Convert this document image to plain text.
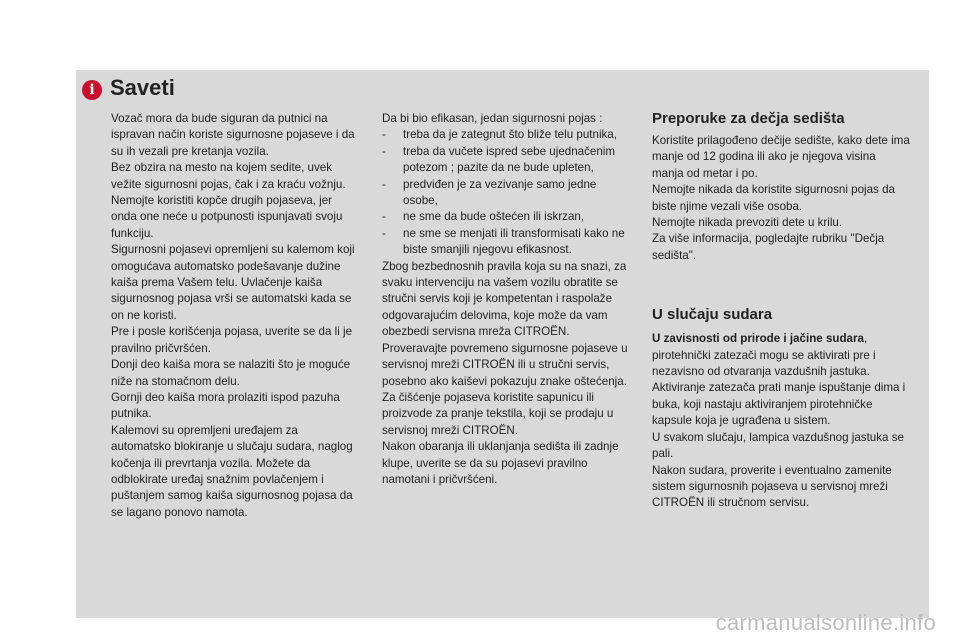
i Saveti

Vozač mora da bude siguran da putnici na ispravan način koriste sigurnosne pojaseve i da su ih vezali pre kretanja vozila.

Bez obzira na mesto na kojem sedite, uvek vežite sigurnosni pojas, čak i za kraću vožnju.

Nemojte koristiti kopče drugih pojaseva, jer onda one neće u potpunosti ispunjavati svoju funkciju.

Sigurnosni pojasevi opremljeni su kalemom koji omogućava automatsko podešavanje dužine kaiša prema Vašem telu. Uvlačenje kaiša sigurnosnog pojasa vrši se automatski kada se on ne koristi.

Pre i posle korišćenja pojasa, uverite se da li je pravilno pričvršćen.

Donji deo kaiša mora se nalaziti što je moguće niže na stomačnom delu.

Gornji deo kaiša mora prolaziti ispod pazuha putnika.

Kalemovi su opremljeni uređajem za automatsko blokiranje u slučaju sudara, naglog kočenja ili prevrtanja vozila. Možete da odblokirate uređaj snažnim povlačenjem i puštanjem samog kaiša sigurnosnog pojasa da se lagano ponovo namota.

Da bi bio efikasan, jedan sigurnosni pojas :

-	treba da je zategnut što bliže telu putnika,
-	treba da vučete ispred sebe ujednačenim potezom ; pazite da ne bude upleten,
-	predviđen je za vezivanje samo jedne osobe,
-	ne sme da bude oštećen ili iskrzan,
-	ne sme se menjati ili transformisati kako ne biste smanjili njegovu efikasnost.

Zbog bezbednosnih pravila koja su na snazi, za svaku intervenciju na vašem vozilu obratite se stručni servis koji je kompetentan i raspolaže odgovarajućim delovima, koje može da vam obezbedi servisna mreža CITROËN.

Proveravajte povremeno sigurnosne pojaseve u servisnoj mreži CITROËN ili u stručni servis, posebno ako kaiševi pokazuju znake oštećenja.

Za čišćenje pojaseva koristite sapunicu ili proizvode za pranje tekstila, koji se prodaju u servisnoj mreži CITROËN.

Nakon obaranja ili uklanjanja sedišta ili zadnje klupe, uverite se da su pojasevi pravilno namotani i pričvršćeni.

Preporuke za dečja sedišta

Koristite prilagođeno dečije sedište, kako dete ima manje od 12 godina ili ako je njegova visina manja od metar i po.

Nemojte nikada da koristite sigurnosni pojas da biste njime vezali više osoba.

Nemojte nikada prevoziti dete u krilu.

Za više informacija, pogledajte rubriku "Dečja sedišta".

U slučaju sudara

U zavisnosti od prirode i jačine sudara, pirotehnički zatezači mogu se aktivirati pre i nezavisno od otvaranja vazdušnih jastuka.

Aktiviranje zatezača prati manje ispuštanje dima i buka, koji nastaju aktiviranjem pirotehničke kapsule koja je ugrađena u sistem.

U svakom slučaju, lampica vazdušnog jastuka se pali.

Nakon sudara, proverite i eventualno zamenite sistem sigurnosnih pojaseva u servisnoj mreži CITROËN ili stručnom servisu.

carmanualsonline.info
